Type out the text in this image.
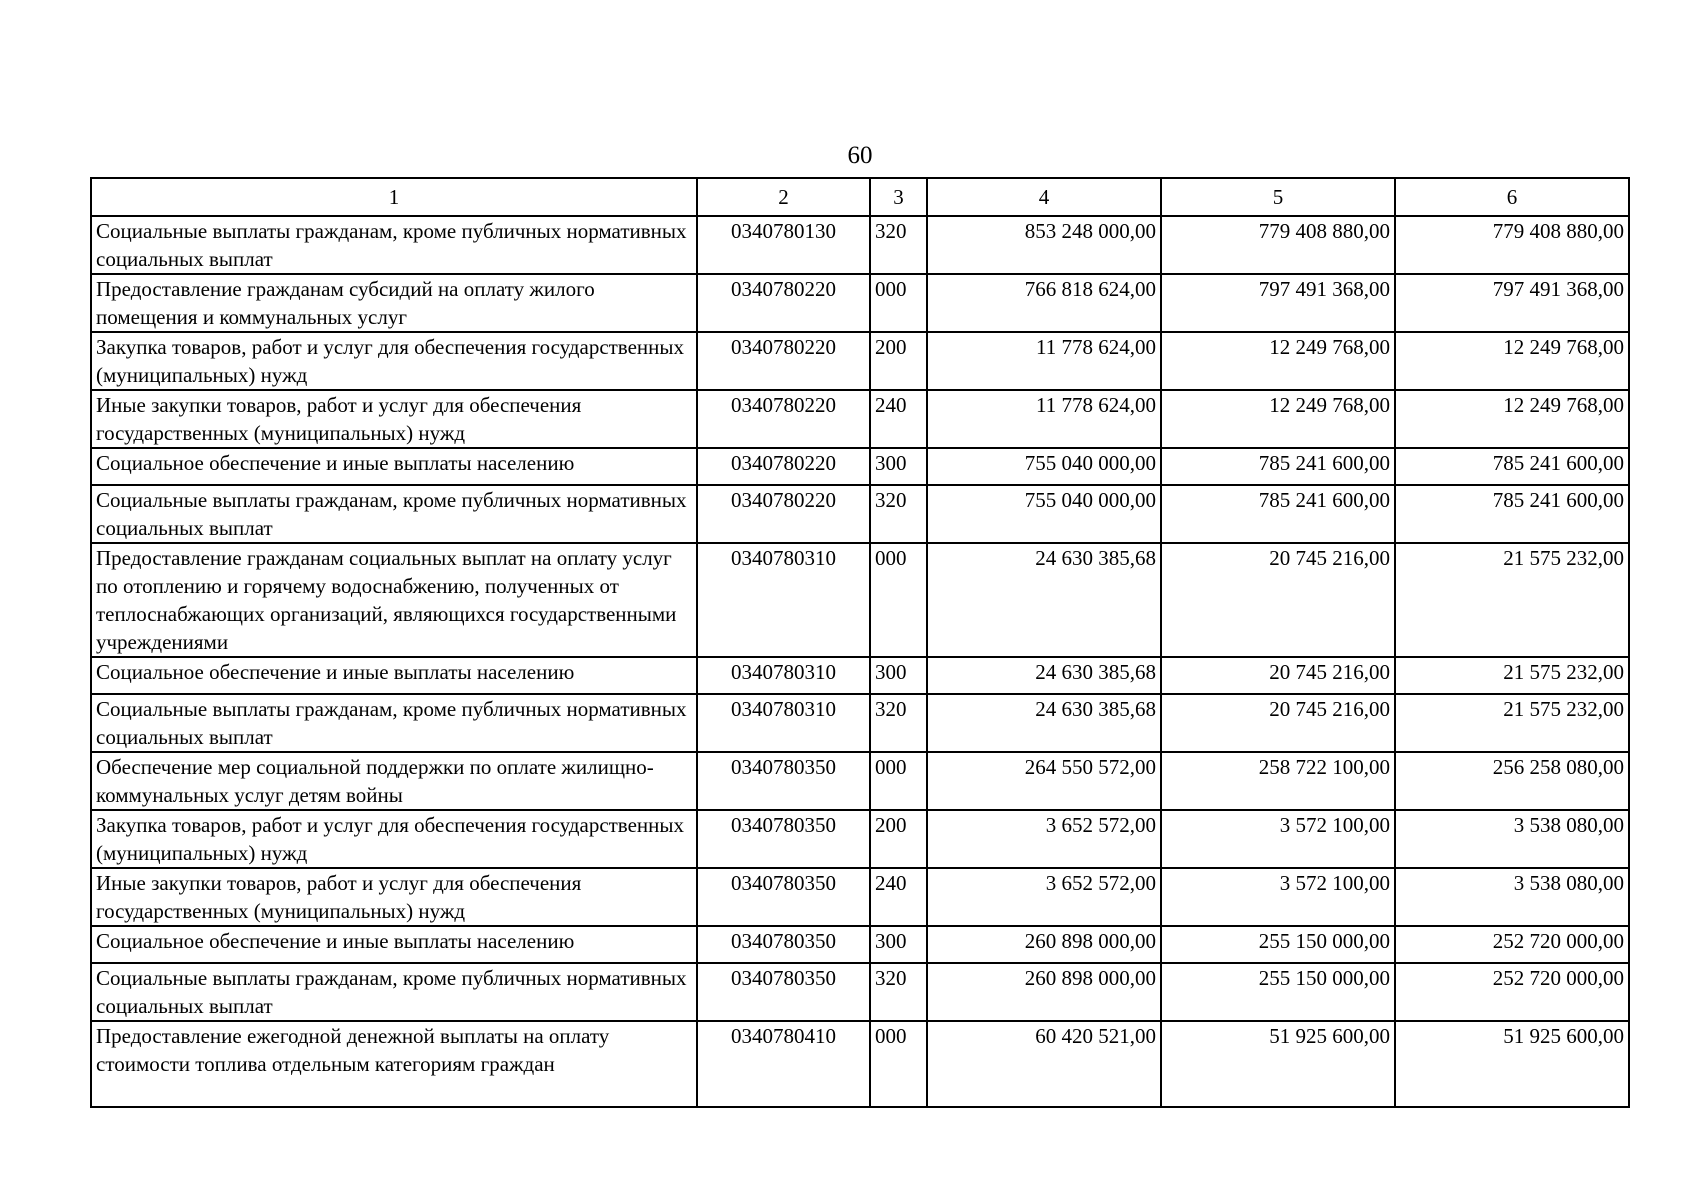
60
1	2	3	4	5	6
Социальные выплаты гражданам, кроме публичных нормативных социальных выплат	0340780130	320	853 248 000,00	779 408 880,00	779 408 880,00
Предоставление гражданам субсидий на оплату жилого помещения и коммунальных услуг	0340780220	000	766 818 624,00	797 491 368,00	797 491 368,00
Закупка товаров, работ и услуг для обеспечения государственных (муниципальных) нужд	0340780220	200	11 778 624,00	12 249 768,00	12 249 768,00
Иные закупки товаров, работ и услуг для обеспечения государственных (муниципальных) нужд	0340780220	240	11 778 624,00	12 249 768,00	12 249 768,00
Социальное обеспечение и иные выплаты населению	0340780220	300	755 040 000,00	785 241 600,00	785 241 600,00
Социальные выплаты гражданам, кроме публичных нормативных социальных выплат	0340780220	320	755 040 000,00	785 241 600,00	785 241 600,00
Предоставление гражданам социальных выплат на оплату услуг по отоплению и горячему водоснабжению, полученных от теплоснабжающих организаций, являющихся государственными учреждениями	0340780310	000	24 630 385,68	20 745 216,00	21 575 232,00
Социальное обеспечение и иные выплаты населению	0340780310	300	24 630 385,68	20 745 216,00	21 575 232,00
Социальные выплаты гражданам, кроме публичных нормативных социальных выплат	0340780310	320	24 630 385,68	20 745 216,00	21 575 232,00
Обеспечение мер социальной поддержки по оплате жилищно-коммунальных услуг детям войны	0340780350	000	264 550 572,00	258 722 100,00	256 258 080,00
Закупка товаров, работ и услуг для обеспечения государственных (муниципальных) нужд	0340780350	200	3 652 572,00	3 572 100,00	3 538 080,00
Иные закупки товаров, работ и услуг для обеспечения государственных (муниципальных) нужд	0340780350	240	3 652 572,00	3 572 100,00	3 538 080,00
Социальное обеспечение и иные выплаты населению	0340780350	300	260 898 000,00	255 150 000,00	252 720 000,00
Социальные выплаты гражданам, кроме публичных нормативных социальных выплат	0340780350	320	260 898 000,00	255 150 000,00	252 720 000,00
Предоставление ежегодной денежной выплаты на оплату стоимости топлива отдельным категориям граждан	0340780410	000	60 420 521,00	51 925 600,00	51 925 600,00
